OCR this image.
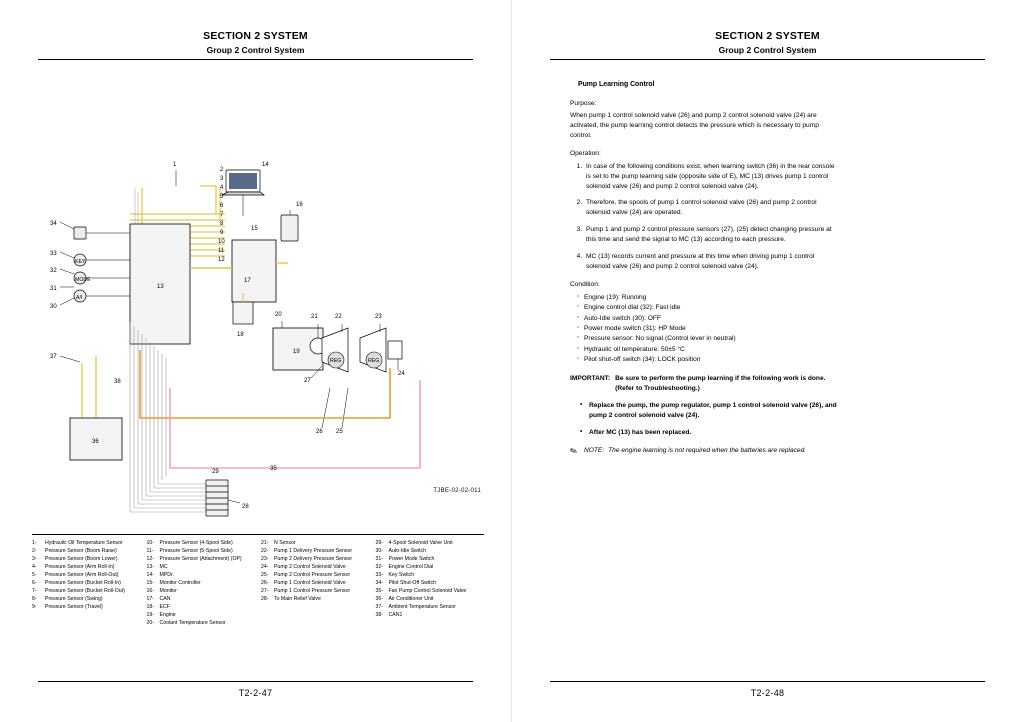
SECTION 2 SYSTEM
Group 2 Control System
13
15
14
16
17
18
19
20	21	22	23
REG	REG
24
27
26 25
KEY
MODE
A/I
34
33
32
31
30
37
38
36
35
29
28
1
2
3
4
5
6
7
8
9
10
11
12
TJBE-02-02-011
1-	Hydraulic Oil Temperature Sensor
2-	Pressure Sensor (Boom Raise)
3-	Pressure Sensor (Boom Lower)
4-	Pressure Sensor (Arm Roll-In)
5-	Pressure Sensor (Arm Roll-Out)
6-	Pressure Sensor (Bucket Roll-In)
7-	Pressure Sensor (Bucket Roll-Out)
8-	Pressure Sensor (Swing)
9-	Pressure Sensor (Travel)
10-	Pressure Sensor (4-Spool Side)
11-	Pressure Sensor (5-Spool Side)
12-	Pressure Sensor (Attachment) (OP)
13-	MC
14-	MPDr.
15-	Monitor Controller
16-	Monitor
17-	CAN
18-	ECF
19-	Engine
20-	Coolant Temperature Sensor
21-	N Sensor
22-	Pump 1 Delivery Pressure Sensor
23-	Pump 2 Delivery Pressure Sensor
24-	Pump 2 Control Solenoid Valve
25-	Pump 2 Control Pressure Sensor
26-	Pump 1 Control Solenoid Valve
27-	Pump 1 Control Pressure Sensor
28-	To Main Relief Valve
29-	4-Spool Solenoid Valve Unit
30-	Auto-Idle Switch
31-	Power Mode Switch
32-	Engine Control Dial
33-	Key Switch
34-	Pilot Shut-Off Switch
35-	Fan Pump Control Solenoid Valve
36-	Air Conditioner Unit
37-	Ambient Temperature Sensor
38-	CAN1
T2-2-47
SECTION 2 SYSTEM
Group 2 Control System
Pump Learning Control
Purpose:

When pump 1 control solenoid valve (26) and pump 2 control solenoid valve (24) are activated, the pump learning control detects the pressure which is necessary to pump control.

Operation:
1. In case of the following conditions exist, when learning switch (36) in the rear console is set to the pump learning side (opposite side of E), MC (13) drives pump 1 control solenoid valve (26) and pump 2 control solenoid valve (24).
2. Therefore, the spools of pump 1 control solenoid valve (26) and pump 2 control solenoid valve (24) are operated.
3. Pump 1 and pump 2 control pressure sensors (27), (25) detect changing pressure at this time and send the signal to MC (13) according to each pressure.
4. MC (13) records current and pressure at this time when driving pump 1 control solenoid valve (26) and pump 2 control solenoid valve (24).
Condition:
· Engine (19): Running
· Engine control dial (32): Fast idle
· Auto-Idle switch (30): OFF
· Power mode switch (31): HP Mode
· Pressure sensor: No signal (Control lever in neutral)
· Hydraulic oil temperature: 50±5 °C
· Pilot shut-off switch (34): LOCK position
IMPORTANT: Be sure to perform the pump learning if the following work is done. (Refer to Troubleshooting.)
• Replace the pump, the pump regulator, pump 1 control solenoid valve (26), and pump 2 control solenoid valve (24).
• After MC (13) has been replaced.
✎ NOTE: The engine learning is not required when the batteries are replaced.
T2-2-48
